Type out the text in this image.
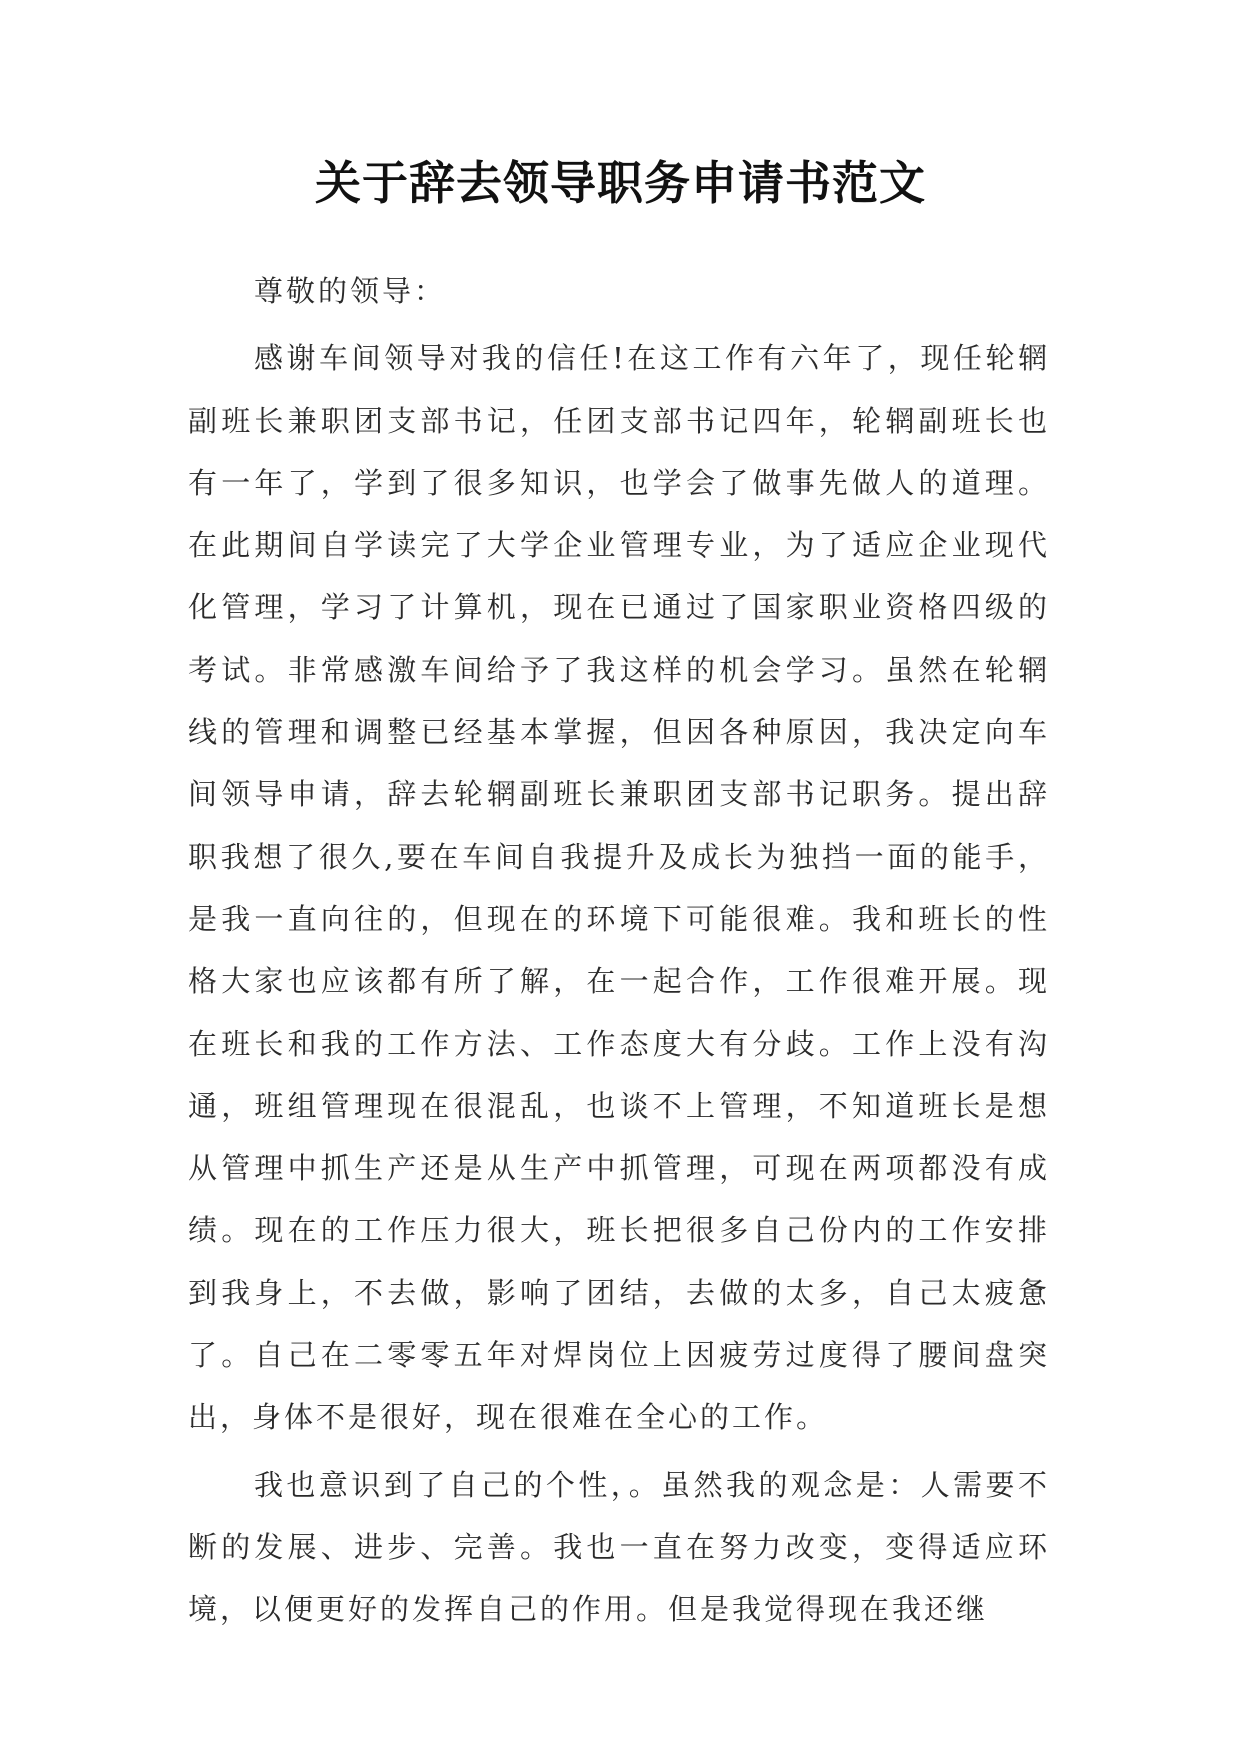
关于辞去领导职务申请书范文

尊敬的领导：

感谢车间领导对我的信任!在这工作有六年了，现任轮辋副班长兼职团支部书记，任团支部书记四年，轮辋副班长也有一年了，学到了很多知识，也学会了做事先做人的道理。在此期间自学读完了大学企业管理专业，为了适应企业现代化管理，学习了计算机，现在已通过了国家职业资格四级的考试。非常感激车间给予了我这样的机会学习。虽然在轮辋线的管理和调整已经基本掌握，但因各种原因，我决定向车间领导申请，辞去轮辋副班长兼职团支部书记职务。提出辞职我想了很久,要在车间自我提升及成长为独挡一面的能手，是我一直向往的，但现在的环境下可能很难。我和班长的性格大家也应该都有所了解，在一起合作，工作很难开展。现在班长和我的工作方法、工作态度大有分歧。工作上没有沟通，班组管理现在很混乱，也谈不上管理，不知道班长是想从管理中抓生产还是从生产中抓管理，可现在两项都没有成绩。现在的工作压力很大，班长把很多自己份内的工作安排到我身上，不去做，影响了团结，去做的太多，自己太疲惫了。自己在二零零五年对焊岗位上因疲劳过度得了腰间盘突出，身体不是很好，现在很难在全心的工作。

我也意识到了自己的个性，。虽然我的观念是：人需要不断的发展、进步、完善。我也一直在努力改变，变得适应环境，以便更好的发挥自己的作用。但是我觉得现在我还继
